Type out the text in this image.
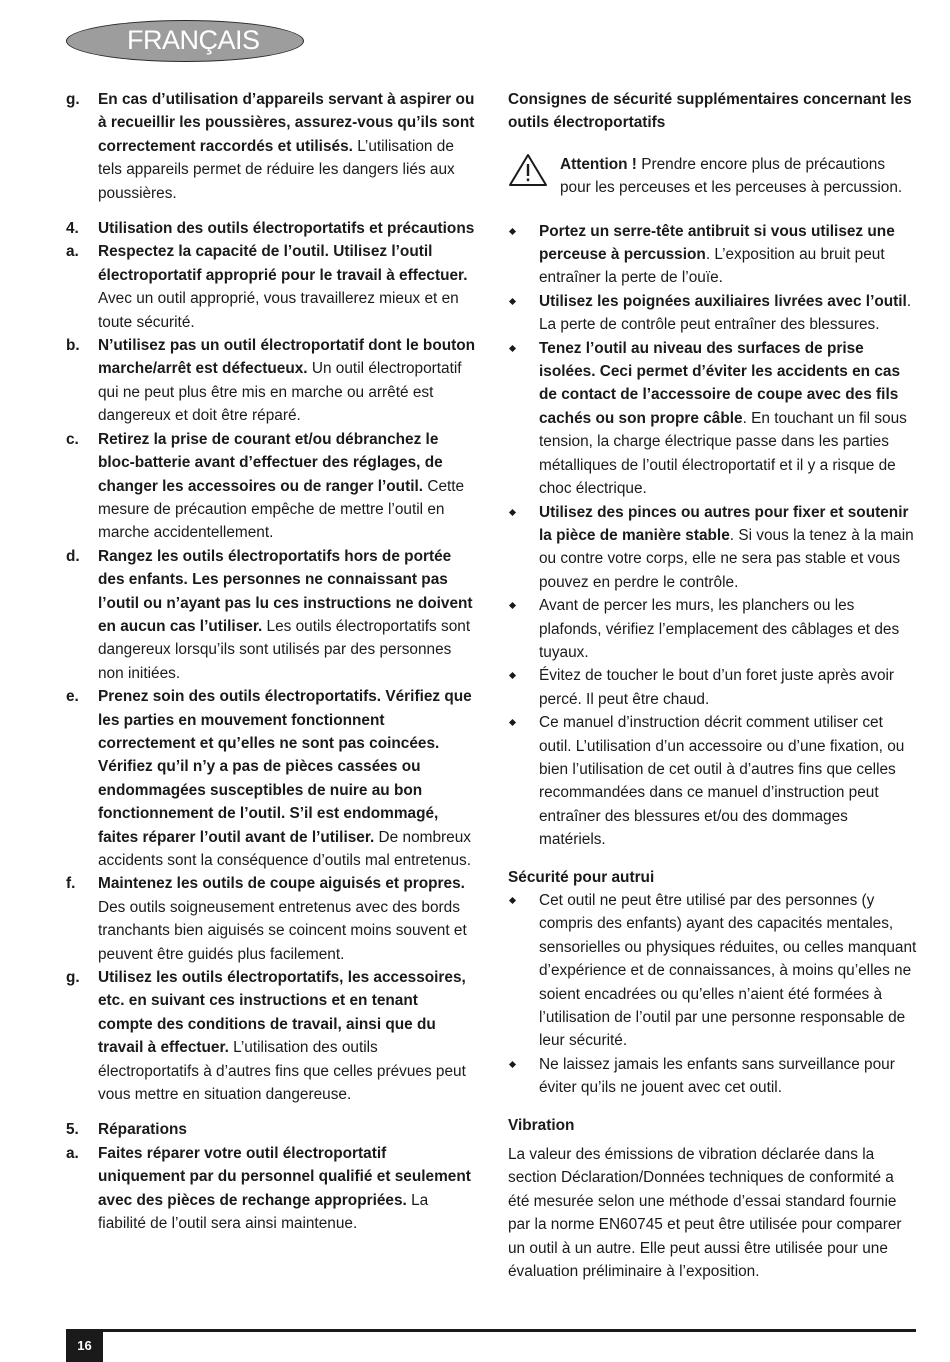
FRANÇAIS
g. En cas d’utilisation d’appareils servant à aspirer ou à recueillir les poussières, assurez-vous qu’ils sont correctement raccordés et utilisés. L’utilisation de tels appareils permet de réduire les dangers liés aux poussières.
4. Utilisation des outils électroportatifs et précautions
a. Respectez la capacité de l’outil. Utilisez l’outil électroportatif approprié pour le travail à effectuer. Avec un outil approprié, vous travaillerez mieux et en toute sécurité.
b. N’utilisez pas un outil électroportatif dont le bouton marche/arrêt est défectueux. Un outil électroportatif qui ne peut plus être mis en marche ou arrêté est dangereux et doit être réparé.
c. Retirez la prise de courant et/ou débranchez le bloc-batterie avant d’effectuer des réglages, de changer les accessoires ou de ranger l’outil. Cette mesure de précaution empêche de mettre l’outil en marche accidentellement.
d. Rangez les outils électroportatifs hors de portée des enfants. Les personnes ne connaissant pas l’outil ou n’ayant pas lu ces instructions ne doivent en aucun cas l’utiliser. Les outils électroportatifs sont dangereux lorsqu’ils sont utilisés par des personnes non initiées.
e. Prenez soin des outils électroportatifs. Vérifiez que les parties en mouvement fonctionnent correctement et qu’elles ne sont pas coincées. Vérifiez qu’il n’y a pas de pièces cassées ou endommagées susceptibles de nuire au bon fonctionnement de l’outil. S’il est endommagé, faites réparer l’outil avant de l’utiliser. De nombreux accidents sont la conséquence d’outils mal entretenus.
f. Maintenez les outils de coupe aiguisés et propres. Des outils soigneusement entretenus avec des bords tranchants bien aiguisés se coincent moins souvent et peuvent être guidés plus facilement.
g. Utilisez les outils électroportatifs, les accessoires, etc. en suivant ces instructions et en tenant compte des conditions de travail, ainsi que du travail à effectuer. L’utilisation des outils électroportatifs à d’autres fins que celles prévues peut vous mettre en situation dangereuse.
5. Réparations
a. Faites réparer votre outil électroportatif uniquement par du personnel qualifié et seulement avec des pièces de rechange appropriées. La fiabilité de l’outil sera ainsi maintenue.
Consignes de sécurité supplémentaires concernant les outils électroportatifs
Attention ! Prendre encore plus de précautions pour les perceuses et les perceuses à percussion.
Portez un serre-tête antibruit si vous utilisez une perceuse à percussion. L’exposition au bruit peut entraîner la perte de l’ouïe.
Utilisez les poignées auxiliaires livrées avec l’outil. La perte de contrôle peut entraîner des blessures.
Tenez l’outil au niveau des surfaces de prise isolées. Ceci permet d’éviter les accidents en cas de contact de l’accessoire de coupe avec des fils cachés ou son propre câble. En touchant un fil sous tension, la charge électrique passe dans les parties métalliques de l’outil électroportatif et il y a risque de choc électrique.
Utilisez des pinces ou autres pour fixer et soutenir la pièce de manière stable. Si vous la tenez à la main ou contre votre corps, elle ne sera pas stable et vous pouvez en perdre le contrôle.
Avant de percer les murs, les planchers ou les plafonds, vérifiez l’emplacement des câblages et des tuyaux.
Évitez de toucher le bout d’un foret juste après avoir percé. Il peut être chaud.
Ce manuel d’instruction décrit comment utiliser cet outil. L’utilisation d’un accessoire ou d’une fixation, ou bien l’utilisation de cet outil à d’autres fins que celles recommandées dans ce manuel d’instruction peut entraîner des blessures et/ou des dommages matériels.
Sécurité pour autrui
Cet outil ne peut être utilisé par des personnes (y compris des enfants) ayant des capacités mentales, sensorielles ou physiques réduites, ou celles manquant d’expérience et de connaissances, à moins qu’elles ne soient encadrées ou qu’elles n’aient été formées à l’utilisation de l’outil par une personne responsable de leur sécurité.
Ne laissez jamais les enfants sans surveillance pour éviter qu’ils ne jouent avec cet outil.
Vibration
La valeur des émissions de vibration déclarée dans la section Déclaration/Données techniques de conformité a été mesurée selon une méthode d’essai standard fournie par la norme EN60745 et peut être utilisée pour comparer un outil à un autre. Elle peut aussi être utilisée pour une évaluation préliminaire à l’exposition.
16
